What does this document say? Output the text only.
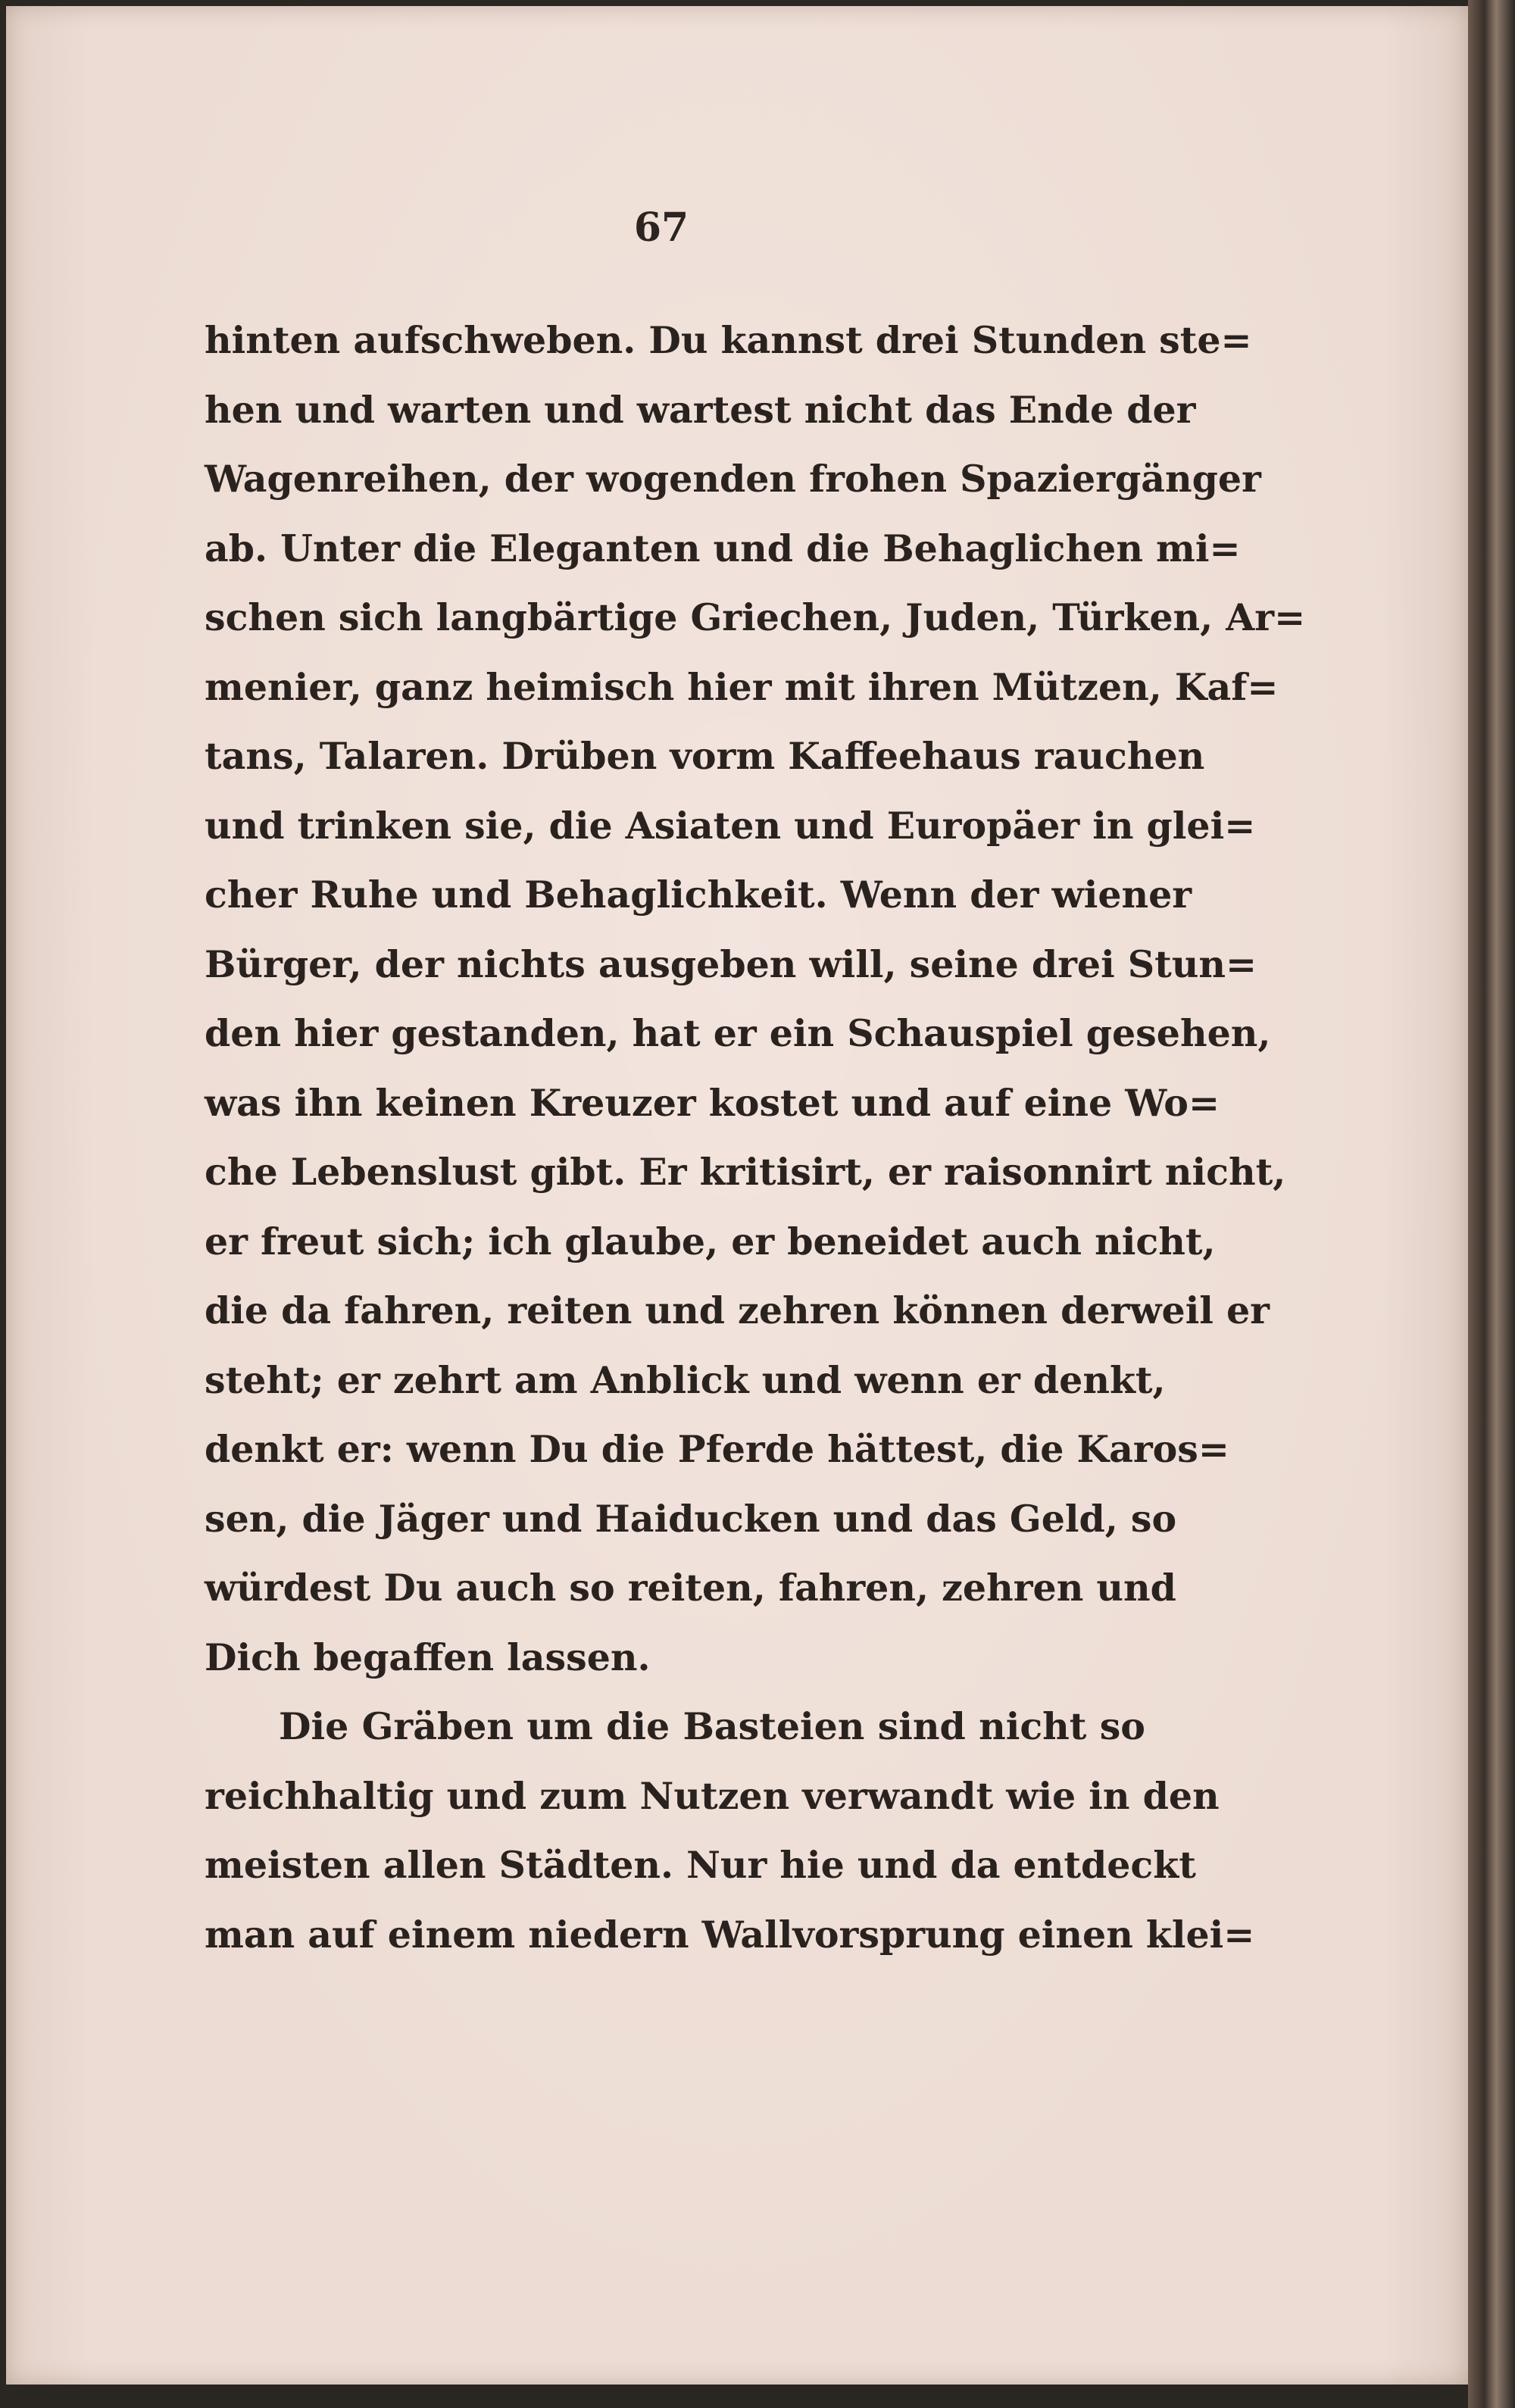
67
hinten aufschweben. Du kannst drei Stunden ste=
hen und warten und wartest nicht das Ende der
Wagenreihen, der wogenden frohen Spaziergänger
ab. Unter die Eleganten und die Behaglichen mi=
schen sich langbärtige Griechen, Juden, Türken, Ar=
menier, ganz heimisch hier mit ihren Mützen, Kaf=
tans, Talaren. Drüben vorm Kaffeehaus rauchen
und trinken sie, die Asiaten und Europäer in glei=
cher Ruhe und Behaglichkeit. Wenn der wiener
Bürger, der nichts ausgeben will, seine drei Stun=
den hier gestanden, hat er ein Schauspiel gesehen,
was ihn keinen Kreuzer kostet und auf eine Wo=
che Lebenslust gibt. Er kritisirt, er raisonnirt nicht,
er freut sich; ich glaube, er beneidet auch nicht,
die da fahren, reiten und zehren können derweil er
steht; er zehrt am Anblick und wenn er denkt,
denkt er: wenn Du die Pferde hättest, die Karos=
sen, die Jäger und Haiducken und das Geld, so
würdest Du auch so reiten, fahren, zehren und
Dich begaffen lassen.
Die Gräben um die Basteien sind nicht so
reichhaltig und zum Nutzen verwandt wie in den
meisten allen Städten. Nur hie und da entdeckt
man auf einem niedern Wallvorsprung einen klei=
